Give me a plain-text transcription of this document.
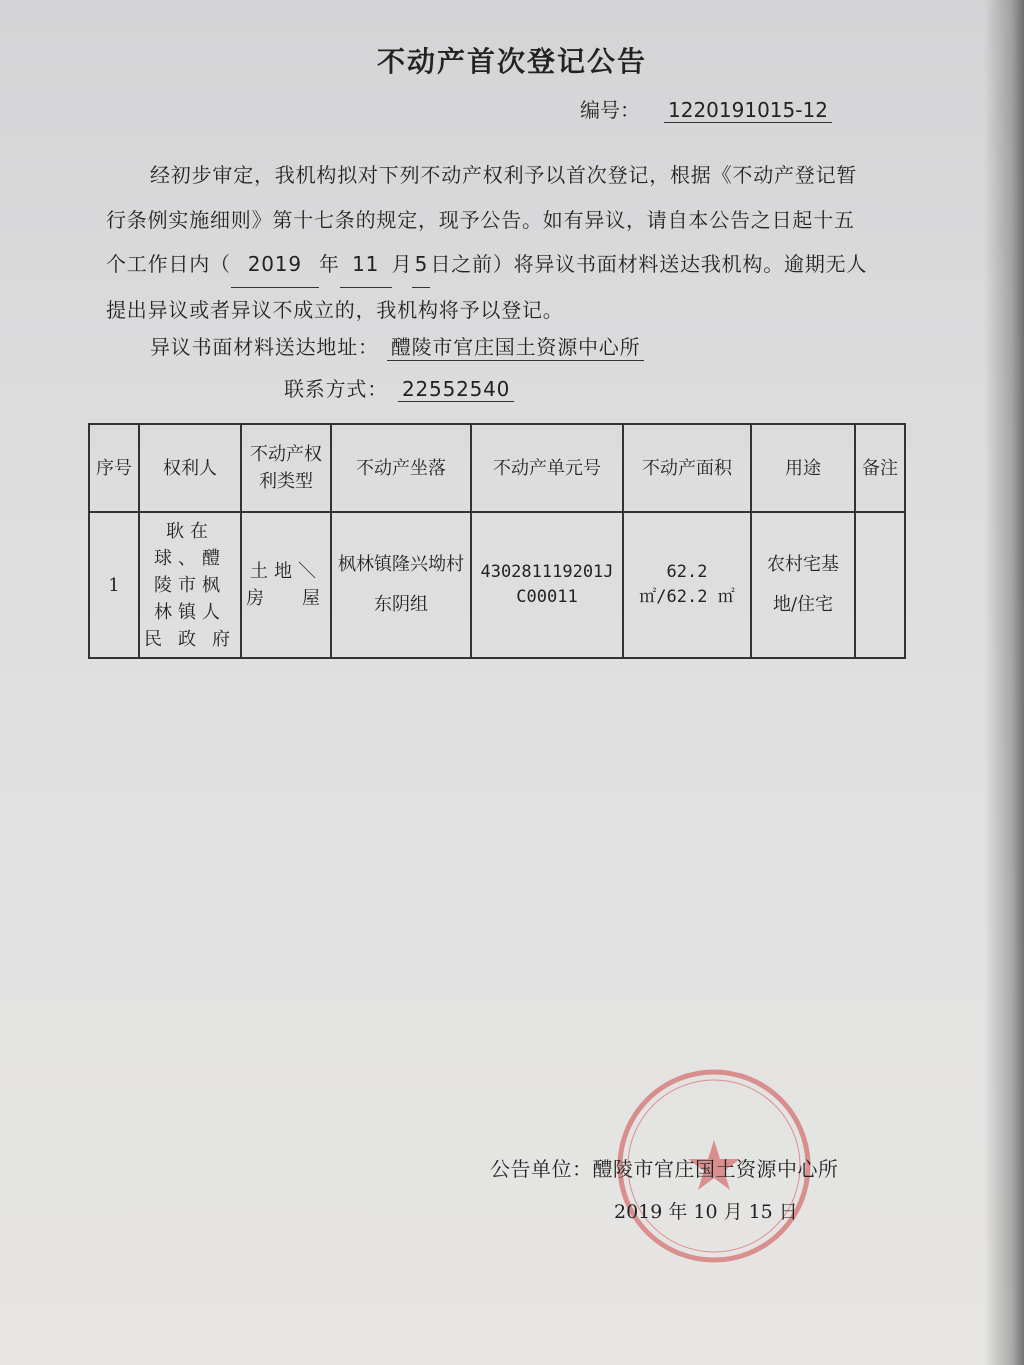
不动产首次登记公告
编号： 1220191015-12
经初步审定，我机构拟对下列不动产权利予以首次登记，根据《不动产登记暂
行条例实施细则》第十七条的规定，现予公告。如有异议，请自本公告之日起十五
个工作日内（ 2019 年 11 月 5 日之前）将异议书面材料送达我机构。逾期无人
提出异议或者异议不成立的，我机构将予以登记。
异议书面材料送达地址： 醴陵市官庄国土资源中心所
联系方式： 22552540
序号	权利人	不动产权利类型	不动产坐落	不动产单元号	不动产面积	用途	备注
1	耿在球、醴陵市枫林镇人民政府	土地＼房屋	枫林镇隆兴坳村东阴组	430281119201JC00011	62.2 ㎡/62.2 ㎡	农村宅基地/住宅	
公告单位：醴陵市官庄国土资源中心所
2019 年 10 月 15 日
